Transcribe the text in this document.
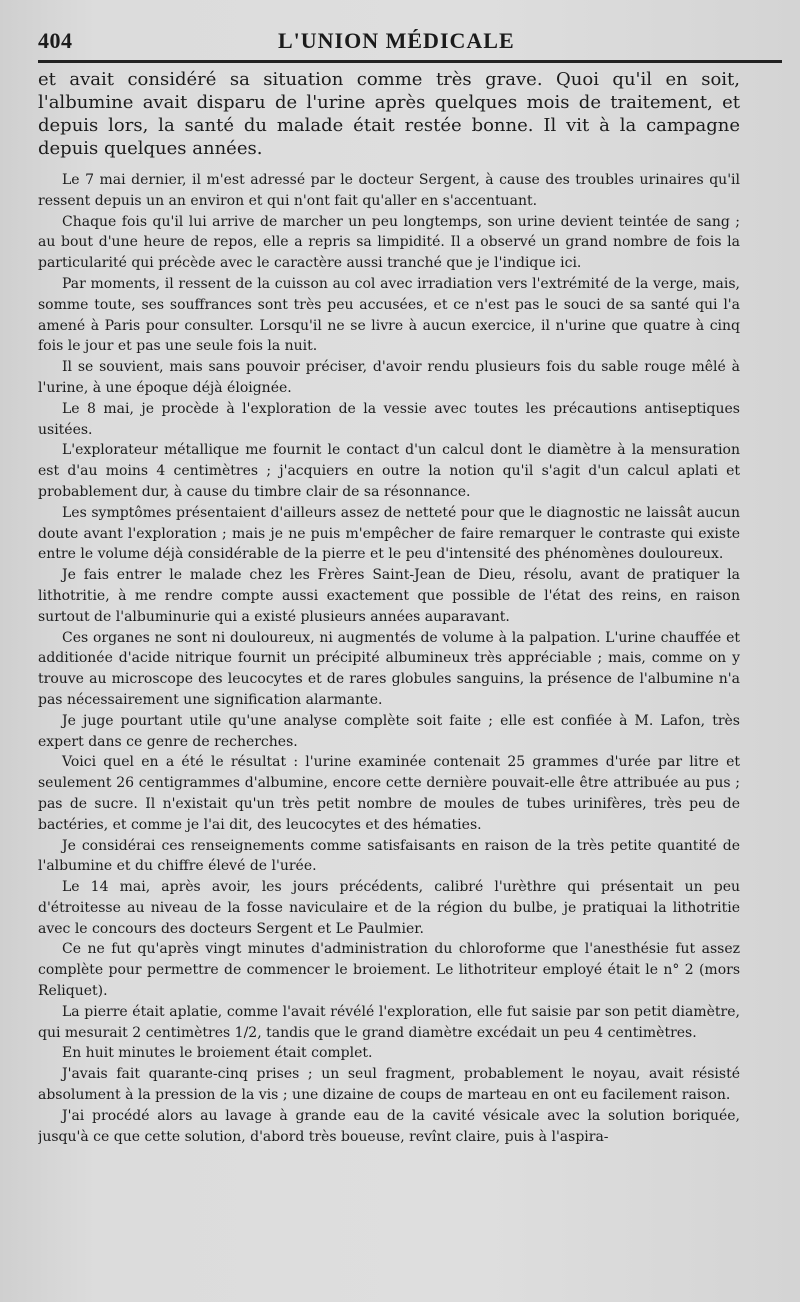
404	L'UNION MÉDICALE

et avait considéré sa situation comme très grave. Quoi qu'il en soit, l'albumine avait disparu de l'urine après quelques mois de traitement, et depuis lors, la santé du malade était restée bonne. Il vit à la campagne depuis quelques années.

Le 7 mai dernier, il m'est adressé par le docteur Sergent, à cause des troubles urinaires qu'il ressent depuis un an environ et qui n'ont fait qu'aller en s'accentuant.

Chaque fois qu'il lui arrive de marcher un peu longtemps, son urine devient teintée de sang ; au bout d'une heure de repos, elle a repris sa limpidité. Il a observé un grand nombre de fois la particularité qui précède avec le caractère aussi tranché que je l'indique ici.

Par moments, il ressent de la cuisson au col avec irradiation vers l'extrémité de la verge, mais, somme toute, ses souffrances sont très peu accusées, et ce n'est pas le souci de sa santé qui l'a amené à Paris pour consulter. Lorsqu'il ne se livre à aucun exercice, il n'urine que quatre à cinq fois le jour et pas une seule fois la nuit.

Il se souvient, mais sans pouvoir préciser, d'avoir rendu plusieurs fois du sable rouge mêlé à l'urine, à une époque déjà éloignée.

Le 8 mai, je procède à l'exploration de la vessie avec toutes les précautions antiseptiques usitées.

L'explorateur métallique me fournit le contact d'un calcul dont le diamètre à la mensuration est d'au moins 4 centimètres ; j'acquiers en outre la notion qu'il s'agit d'un calcul aplati et probablement dur, à cause du timbre clair de sa résonnance.

Les symptômes présentaient d'ailleurs assez de netteté pour que le diagnostic ne laissât aucun doute avant l'exploration ; mais je ne puis m'empêcher de faire remarquer le contraste qui existe entre le volume déjà considérable de la pierre et le peu d'intensité des phénomènes douloureux.

Je fais entrer le malade chez les Frères Saint-Jean de Dieu, résolu, avant de pratiquer la lithotritie, à me rendre compte aussi exactement que possible de l'état des reins, en raison surtout de l'albuminurie qui a existé plusieurs années auparavant.

Ces organes ne sont ni douloureux, ni augmentés de volume à la palpation. L'urine chauffée et additionée d'acide nitrique fournit un précipité albumineux très appréciable ; mais, comme on y trouve au microscope des leucocytes et de rares globules sanguins, la présence de l'albumine n'a pas nécessairement une signification alarmante.

Je juge pourtant utile qu'une analyse complète soit faite ; elle est confiée à M. Lafon, très expert dans ce genre de recherches.

Voici quel en a été le résultat : l'urine examinée contenait 25 grammes d'urée par litre et seulement 26 centigrammes d'albumine, encore cette dernière pouvait-elle être attribuée au pus ; pas de sucre. Il n'existait qu'un très petit nombre de moules de tubes urinifères, très peu de bactéries, et comme je l'ai dit, des leucocytes et des hématies.

Je considérai ces renseignements comme satisfaisants en raison de la très petite quantité de l'albumine et du chiffre élevé de l'urée.

Le 14 mai, après avoir, les jours précédents, calibré l'urèthre qui présentait un peu d'étroitesse au niveau de la fosse naviculaire et de la région du bulbe, je pratiquai la lithotritie avec le concours des docteurs Sergent et Le Paulmier.

Ce ne fut qu'après vingt minutes d'administration du chloroforme que l'anesthésie fut assez complète pour permettre de commencer le broiement. Le lithotriteur employé était le n° 2 (mors Reliquet).

La pierre était aplatie, comme l'avait révélé l'exploration, elle fut saisie par son petit diamètre, qui mesurait 2 centimètres 1/2, tandis que le grand diamètre excédait un peu 4 centimètres.

En huit minutes le broiement était complet.

J'avais fait quarante-cinq prises ; un seul fragment, probablement le noyau, avait résisté absolument à la pression de la vis ; une dizaine de coups de marteau en ont eu facilement raison.

J'ai procédé alors au lavage à grande eau de la cavité vésicale avec la solution boriquée, jusqu'à ce que cette solution, d'abord très boueuse, revînt claire, puis à l'aspira-
